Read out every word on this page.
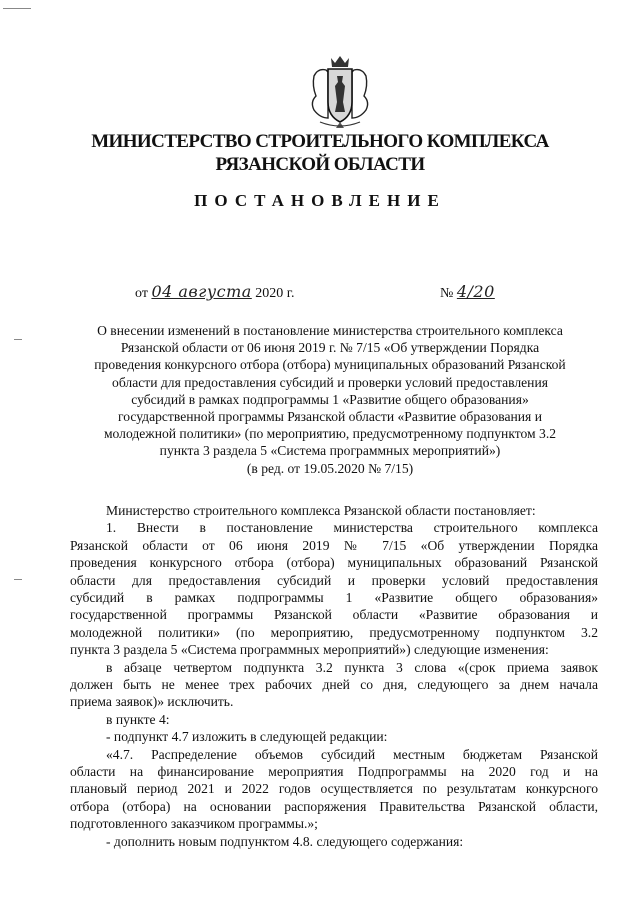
МИНИСТЕРСТВО СТРОИТЕЛЬНОГО КОМПЛЕКСА
РЯЗАНСКОЙ ОБЛАСТИ
ПОСТАНОВЛЕНИЕ
от 04 августа 2020 г.	№ 4/20
О внесении изменений в постановление министерства строительного комплекса
Рязанской области от 06 июня 2019 г. № 7/15 «Об утверждении Порядка
проведения конкурсного отбора (отбора) муниципальных образований Рязанской
области для предоставления субсидий и проверки условий предоставления
субсидий в рамках подпрограммы 1 «Развитие общего образования»
государственной программы Рязанской области «Развитие образования и
молодежной политики» (по мероприятию, предусмотренному подпунктом 3.2
пункта 3 раздела 5 «Система программных мероприятий»)
(в ред. от 19.05.2020 № 7/15)
Министерство строительного комплекса Рязанской области постановляет:
1. Внести в постановление министерства строительного комплекса
Рязанской области от 06 июня 2019 № 7/15 «Об утверждении Порядка
проведения конкурсного отбора (отбора) муниципальных образований Рязанской
области для предоставления субсидий и проверки условий предоставления
субсидий в рамках подпрограммы 1 «Развитие общего образования»
государственной программы Рязанской области «Развитие образования и
молодежной политики» (по мероприятию, предусмотренному подпунктом 3.2
пункта 3 раздела 5 «Система программных мероприятий») следующие изменения:
в абзаце четвертом подпункта 3.2 пункта 3 слова «(срок приема заявок
должен быть не менее трех рабочих дней со дня, следующего за днем начала
приема заявок)» исключить.
в пункте 4:
- подпункт 4.7 изложить в следующей редакции:
«4.7. Распределение объемов субсидий местным бюджетам Рязанской
области на финансирование мероприятия Подпрограммы на 2020 год и на
плановый период 2021 и 2022 годов осуществляется по результатам конкурсного
отбора (отбора) на основании распоряжения Правительства Рязанской области,
подготовленного заказчиком программы.»;
- дополнить новым подпунктом 4.8. следующего содержания:
